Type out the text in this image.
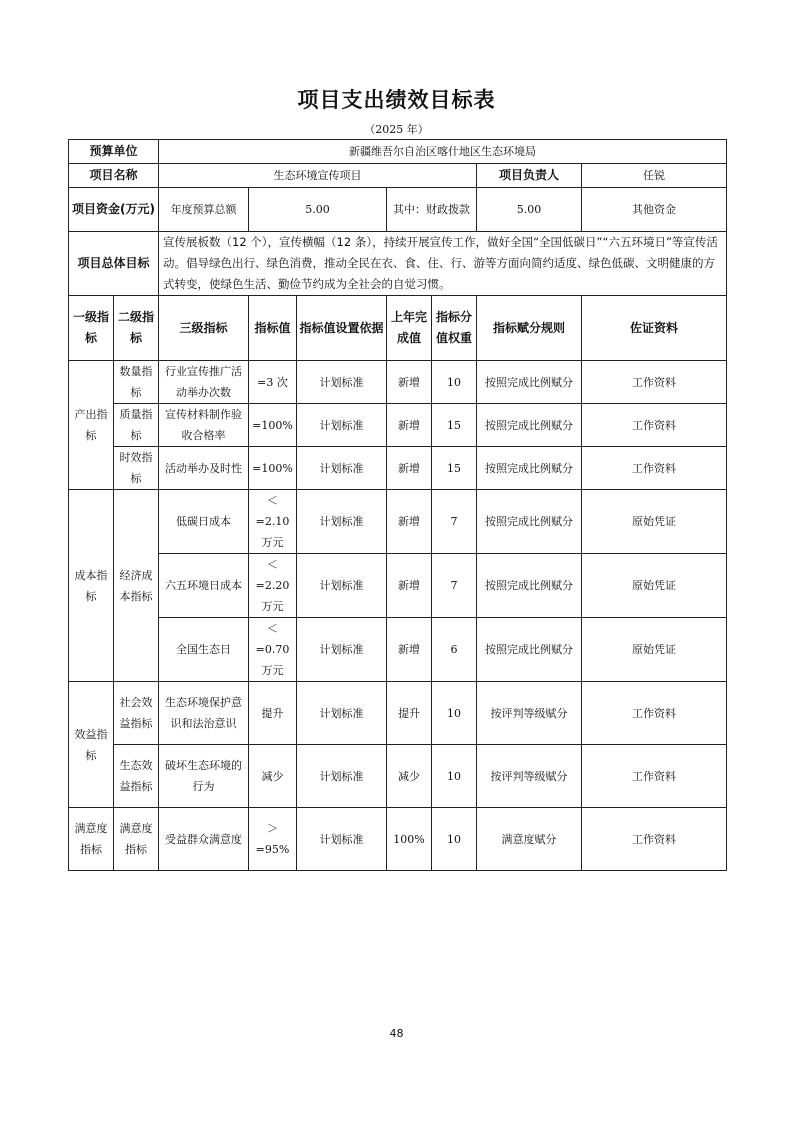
项目支出绩效目标表
（2025 年）
预算单位		新疆维吾尔自治区喀什地区生态环境局							
项目名称		生态环境宣传项目					项目负责人	任锐	
项目资金(万元)		年度预算总额	5.00		其中：财政拨款		5.00	其他资金	
项目总体目标		宣传展板数（12 个），宣传横幅（12 条），持续开展宣传工作，做好全国“全国低碳日”“六五环境日”等宣传活动。倡导绿色出行、绿色消费，推动全民在衣、食、住、行、游等方面向简约适度、绿色低碳、文明健康的方式转变，使绿色生活、勤俭节约成为全社会的自觉习惯。							
一级指标	二级指标	三级指标	指标值	指标值设置依据	上年完成值	指标分值权重	指标赋分规则	佐证资料	
产出指标	数量指标	行业宣传推广活动举办次数	=3 次	计划标准	新增	10	按照完成比例赋分	工作资料	
	质量指标	宣传材料制作验收合格率	=100%	计划标准	新增	15	按照完成比例赋分	工作资料	
	时效指标	活动举办及时性	=100%	计划标准	新增	15	按照完成比例赋分	工作资料	
成本指标	经济成本指标	低碳日成本	＜=2.10 万元	计划标准	新增	7	按照完成比例赋分	原始凭证	
		六五环境日成本	＜=2.20 万元	计划标准	新增	7	按照完成比例赋分	原始凭证	
		全国生态日	＜=0.70 万元	计划标准	新增	6	按照完成比例赋分	原始凭证	
效益指标	社会效益指标	生态环境保护意识和法治意识	提升	计划标准	提升	10	按评判等级赋分	工作资料	
	生态效益指标	破坏生态环境的行为	减少	计划标准	减少	10	按评判等级赋分	工作资料	
满意度指标	满意度指标	受益群众满意度	＞=95%	计划标准	100%	10	满意度赋分	工作资料	
48
